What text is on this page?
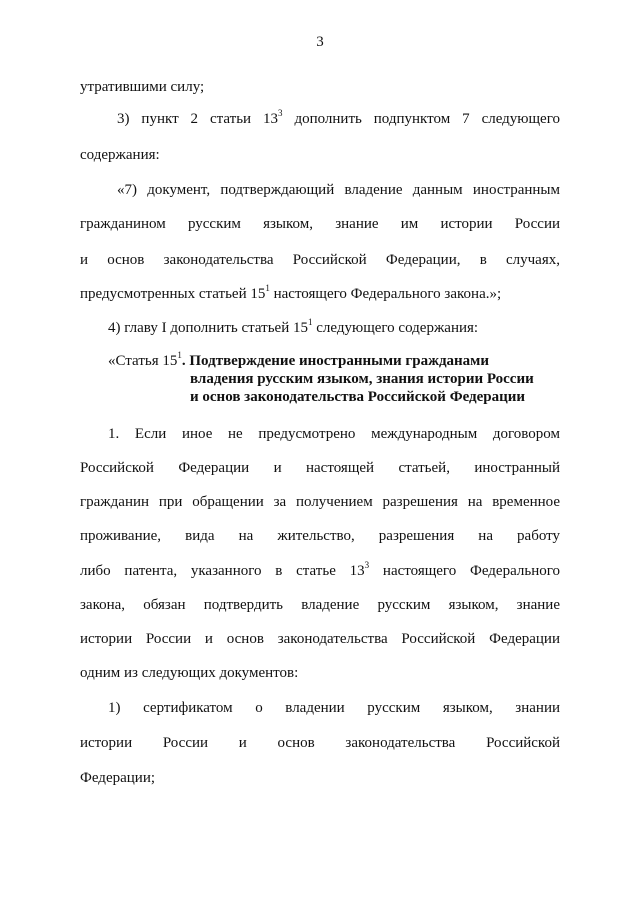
3
утратившими силу;
3) пункт 2 статьи $13^3$ дополнить подпунктом 7 следующего
содержания:
«7) документ, подтверждающий владение данным иностранным
гражданином русским языком, знание им истории России
и основ законодательства Российской Федерации, в случаях,
предусмотренных статьей $15^1$ настоящего Федерального закона.»;
4) главу I дополнить статьей $15^1$ следующего содержания:
«Статья $15^1$. Подтверждение иностранными гражданами
владения русским языком, знания истории России
и основ законодательства Российской Федерации
1. Если иное не предусмотрено международным договором
Российской Федерации и настоящей статьей, иностранный
гражданин при обращении за получением разрешения на временное
проживание, вида на жительство, разрешения на работу
либо патента, указанного в статье $13^3$ настоящего Федерального
закона, обязан подтвердить владение русским языком, знание
истории России и основ законодательства Российской Федерации
одним из следующих документов:
1) сертификатом о владении русским языком, знании
истории России и основ законодательства Российской
Федерации;
